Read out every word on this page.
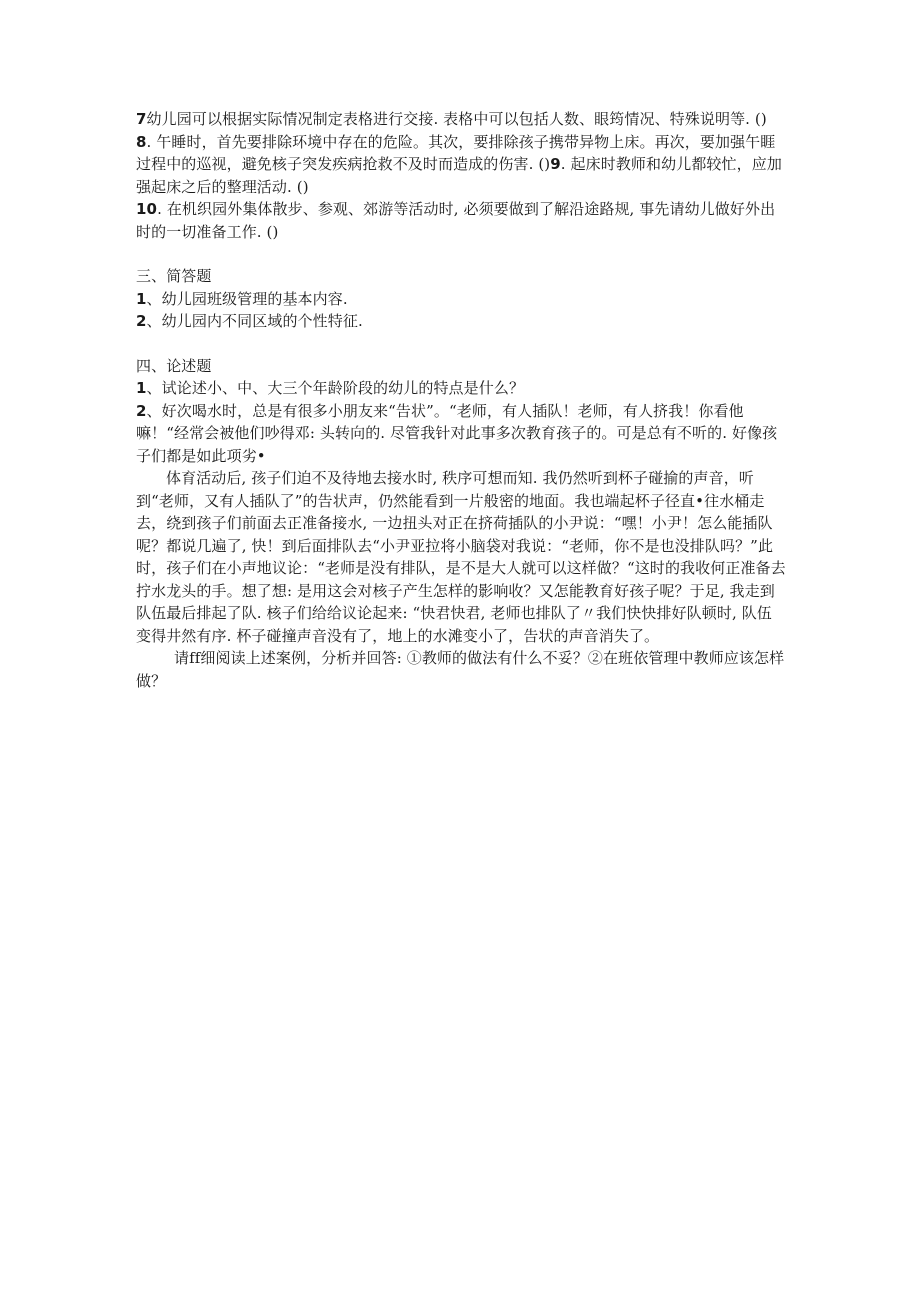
7幼儿园可以根据实际情况制定表格进行交接. 表格中可以包括人数、眼筠情况、特殊说明等. ()

8. 午睡时，首先要排除环境中存在的危险。其次，要排除孩子携带异物上床。再次，要加强午睚过程中的巡视，避免核子突发疾病抢救不及时而造成的伤害. ()9. 起床时教师和幼儿都较忙，应加强起床之后的整理活动. ()

10. 在机织园外集体散步、参观、郊游等活动时, 必须要做到了解沿途路规, 事先请幼儿做好外出时的一切准备工作. ()

三、简答题

1、幼儿园班级管理的基本内容.

2、幼儿园内不同区域的个性特征.

四、论述题

1、试论述小、中、大三个年龄阶段的幼儿的特点是什么？

2、好次喝水时，总是有很多小朋友来“告状”。“老师，有人插队！老师，有人挤我！你看他嘛！“经常会被他们吵得邓: 头转向的. 尽管我针对此事多次教育孩子的。可是总有不听的. 好像孩子们都是如此项劣•

体育活动后, 孩子们迫不及待地去接水时, 秩序可想而知. 我仍然听到杯子碰揄的声音，听到“老师，又有人插队了”的告状声，仍然能看到一片般密的地面。我也端起杯子径直•往水桶走去，绕到孩子们前面去正准备接水, 一边扭头对正在挤荷插队的小尹说：“嘿！小尹！怎么能插队呢？都说几遍了, 快！到后面排队去“小尹亚拉将小脑袋对我说：“老师，你不是也没排队吗？”此时，孩子们在小声地议论：“老师是没有排队，是不是大人就可以这样做？“这时的我收何正准备去拧水龙头的手。想了想: 是用这会对核子产生怎样的影响收？又怎能教育好孩子呢？于足, 我走到队伍最后排起了队. 核子们给给议论起来: “快君快君, 老师也排队了〃我们快快排好队顿时, 队伍变得井然有序. 杯子碰撞声音没有了，地上的水滩变小了，告状的声音消失了。

请ff细阅读上述案例，分析并回答: ①教师的做法有什么不妥？②在班依管理中教师应该怎样做？
